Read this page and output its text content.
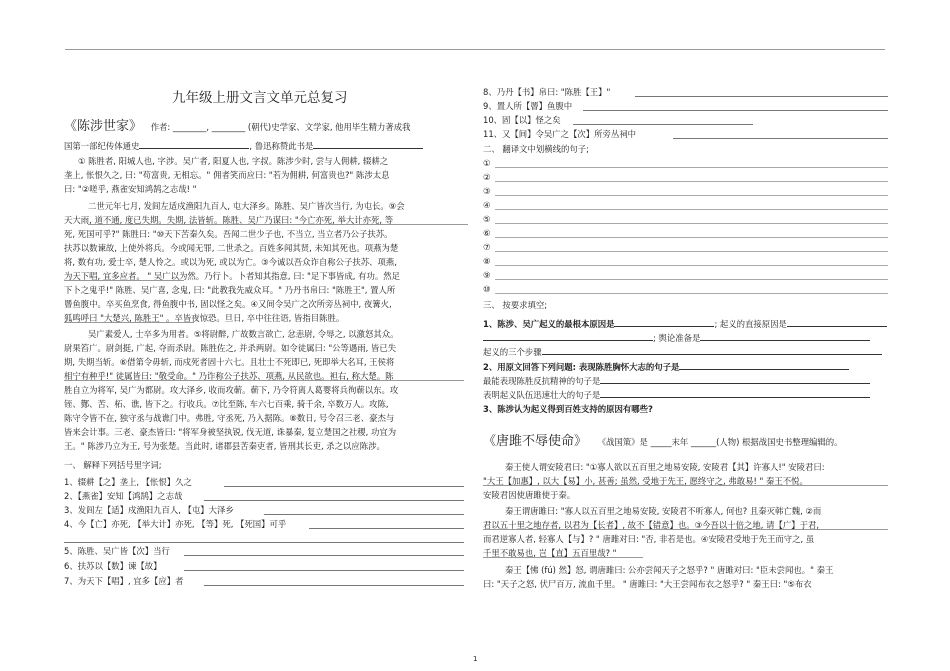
九年级上册文言文单元总复习
《陈涉世家》 作者: ________, ________ (朝代)史学家、文学家, 他用毕生精力著成我
国第一部纪传体通史	, 鲁迅称赞此书是
① 陈胜者, 阳城人也, 字涉。吴广者, 阳夏人也, 字叔。陈涉少时, 尝与人佣耕, 辍耕之
垄上, 怅恨久之, 曰: "苟富贵, 无相忘。" 佣者笑而应曰: "若为佣耕, 何富贵也?" 陈涉太息
曰: "②嗟乎, 燕雀安知鸿鹄之志哉! "
二世元年七月, 发闾左适戍渔阳九百人, 屯大泽乡。陈胜、吴广皆次当行, 为屯长。⑨会
天大雨, 道不通, 度已失期。失期, 法皆斩。陈胜、吴广乃谋曰: "今亡亦死, 举大计亦死, 等
死, 死国可乎?" 陈胜曰: "⑩天下苦秦久矣。吾闻二世少子也, 不当立, 当立者乃公子扶苏。
扶苏以数谏故, 上使外将兵。今或闻无罪, 二世杀之。百姓多闻其贤, 未知其死也。项燕为楚
将, 数有功, 爱士卒, 楚人怜之。或以为死, 或以为亡。③今诚以吾众诈自称公子扶苏、项燕,
为天下唱, 宜多应者。 " 吴广以为然。乃行卜。卜者知其指意, 曰: "足下事皆成, 有功。然足
下卜之鬼乎!" 陈胜、吴广喜, 念鬼, 曰: "此教我先威众耳。" 乃丹书帛曰: "陈胜王", 置人所
罾鱼腹中。卒买鱼烹食, 得鱼腹中书, 固以怪之矣。④又间令吴广之次所旁丛祠中, 夜篝火,
狐鸣呼曰 "大楚兴, 陈胜王" 。卒皆夜惊恐。旦日, 卒中往往语, 皆指目陈胜。
吴广素爱人, 士卒多为用者。⑤将尉醉, 广故数言欲亡, 忿恚尉, 令辱之, 以激怒其众。
尉果笞广。尉剑挺, 广起, 夺而杀尉。陈胜佐之, 并杀两尉。如令徒属曰: "公等遇雨, 皆已失
期, 失期当斩。⑥借第令毋斩, 而戍死者固十六七。且壮士不死即已, 死即举大名耳, 王侯将
相宁有种乎!" 徒属皆曰: "敬受命。" 乃诈称公子扶苏、项燕, 从民欲也。袒右, 称大楚。陈
胜自立为将军, 吴广为都尉。攻大泽乡, 收而攻蕲。蕲下, 乃令符离人葛婴将兵徇蕲以东。攻
铚、酂、苦、柘、谯, 皆下之。行收兵。⑦比至陈, 车六七百乘, 骑千余, 卒数万人。攻陈,
陈守令皆不在, 独守丞与战谯门中。弗胜, 守丞死, 乃入据陈。⑧数日, 号令召三老、豪杰与
皆来会计事。三老、豪杰皆曰: "将军身被坚执锐, 伐无道, 诛暴秦, 复立楚国之社稷, 功宜为
王。" 陈涉乃立为王, 号为张楚。当此时, 诸郡县苦秦吏者, 皆刑其长吏, 杀之以应陈涉。
一、 解释下列括号里字词;
1、辍耕【之】垄上, 【怅恨】久之
2、【燕雀】安知【鸿鹄】之志哉
3、发闾左【适】戍渔阳九百人, 【屯】大泽乡
4、今【亡】亦死, 【举大计】亦死, 【等】死, 【死国】可乎
5、陈胜、吴广皆【次】当行
6、扶苏以【数】谏【故】
7、为天下【唱】, 宜多【应】者
8、乃丹【书】帛曰: "陈胜【王】"
9、置人所【罾】鱼腹中
10、固【以】怪之矣
11、又【间】令吴广之【次】所旁丛祠中
二、 翻译文中划横线的句子;
①
②
③
④
⑤
⑥
⑦
⑧
⑨
⑩
三、 按要求填空;
1、陈涉、吴广起义的最根本原因是	; 起义的直接原因是
; 舆论准备是
起义的三个步骤
2、用原文回答下列问题: 表现陈胜胸怀大志的句子是
最能表现陈胜反抗精神的句子是
表明起义队伍迅速壮大的句子是
3、陈涉认为起义得到百姓支持的原因有哪些?
《唐雎不辱使命》 《战国策》是 _____末年 ______(人物) 根据战国史书整理编辑的。
秦王使人谓安陵君曰: "①寡人欲以五百里之地易安陵, 安陵君【其】许寡人!" 安陵君曰:
"大王【加惠】, 以大【易】小, 甚善; 虽然, 受地于先王, 愿终守之, 弗敢易! " 秦王不悦。
安陵君因使唐雎使于秦。
秦王谓唐雎曰: "寡人以五百里之地易安陵, 安陵君不听寡人, 何也? 且秦灭韩亡魏, ②而
君以五十里之地存者, 以君为【长者】, 故不【错意】也。③今吾以十倍之地, 请【广】于君,
而君逆寡人者, 轻寡人【与】? " 唐雎对曰: "否, 非若是也。④安陵君受地于先王而守之, 虽
千里不敢易也, 岂【直】五百里哉? "
秦王【怫 (fú) 然】怒, 谓唐雎曰: 公亦尝闻天子之怒乎? " 唐雎对曰: "臣未尝闻也。" 秦王
曰: "天子之怒, 伏尸百万, 流血千里。 " 唐雎曰: "大王尝闻布衣之怒乎? " 秦王曰: "⑤布衣
1
